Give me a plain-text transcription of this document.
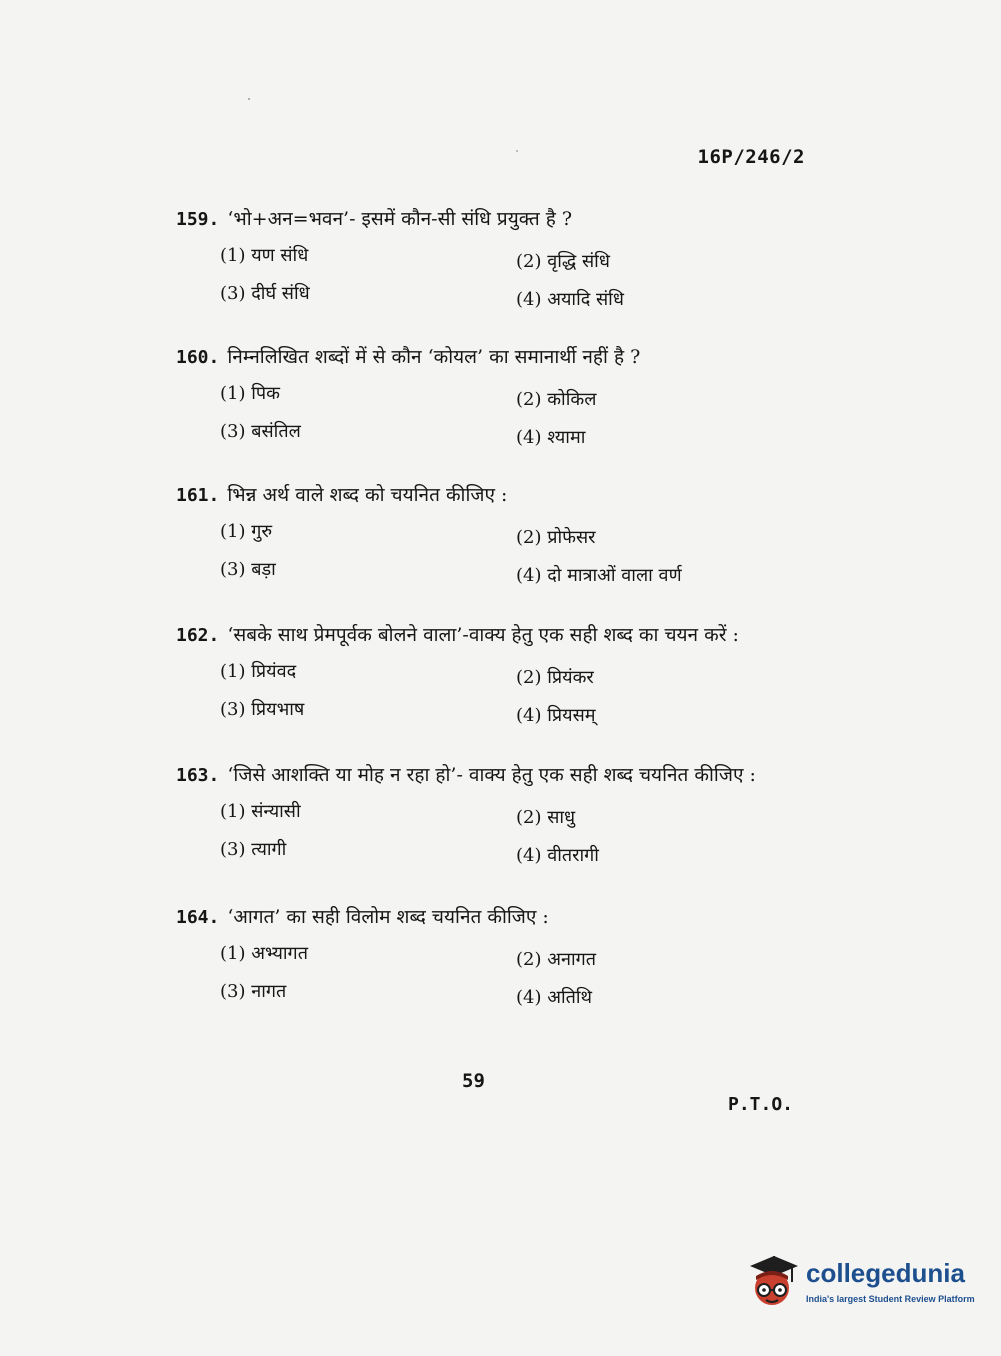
16P/246/2
159. ‘भो+अन=भवन’- इसमें कौन-सी संधि प्रयुक्त है ?
(1) यण संधि	(2) वृद्धि संधि
(3) दीर्घ संधि	(4) अयादि संधि
160. निम्नलिखित शब्दों में से कौन ‘कोयल’ का समानार्थी नहीं है ?
(1) पिक	(2) कोकिल
(3) बसंतिल	(4) श्यामा
161. भिन्न अर्थ वाले शब्द को चयनित कीजिए :
(1) गुरु	(2) प्रोफेसर
(3) बड़ा	(4) दो मात्राओं वाला वर्ण
162. ‘सबके साथ प्रेमपूर्वक बोलने वाला’-वाक्य हेतु एक सही शब्द का चयन करें :
(1) प्रियंवद	(2) प्रियंकर
(3) प्रियभाष	(4) प्रियसम्
163. ‘जिसे आशक्ति या मोह न रहा हो’- वाक्य हेतु एक सही शब्द चयनित कीजिए :
(1) संन्यासी	(2) साधु
(3) त्यागी	(4) वीतरागी
164. ‘आगत’ का सही विलोम शब्द चयनित कीजिए :
(1) अभ्यागत	(2) अनागत
(3) नागत	(4) अतिथि
59
P.T.O.
collegedunia
India's largest Student Review Platform
